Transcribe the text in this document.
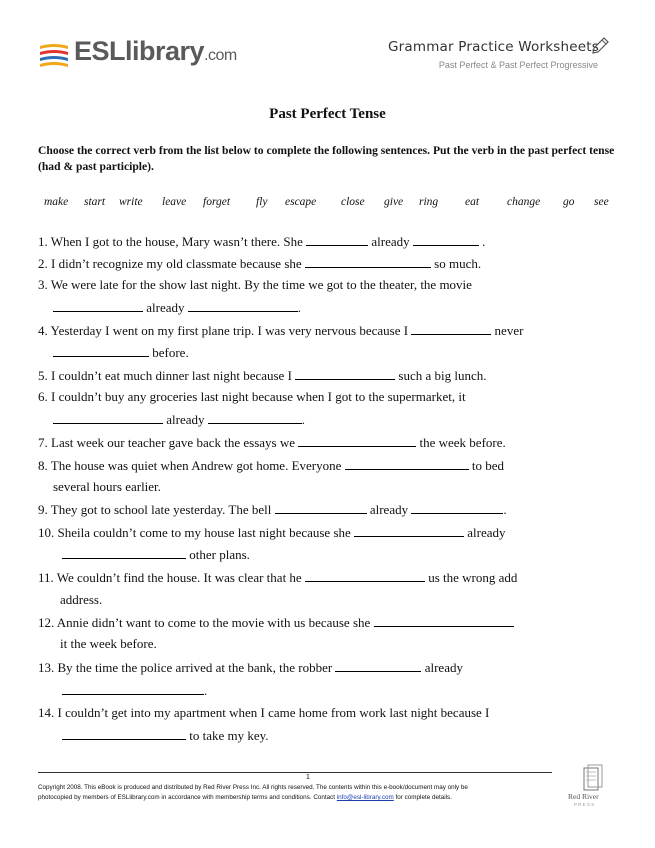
ESLlibrary.com	Grammar Practice Worksheets
Past Perfect & Past Perfect Progressive
Past Perfect Tense
Choose the correct verb from the list below to complete the following sentences. Put the verb in the past perfect tense (had & past participle).
make start write leave forget fly escape close give ring eat change go see
1. When I got to the house, Mary wasn’t there. She	already	.
2. I didn’t recognize my old classmate because she	so much.
3. We were late for the show last night. By the time we got to the theater, the movie
already	.
4. Yesterday I went on my first plane trip. I was very nervous because I	never
before.
5. I couldn’t eat much dinner last night because I	such a big lunch.
6. I couldn’t buy any groceries last night because when I got to the supermarket, it
already	.
7. Last week our teacher gave back the essays we	the week before.
8. The house was quiet when Andrew got home. Everyone	to bed
several hours earlier.
9. They got to school late yesterday. The bell	already	.
10. Sheila couldn’t come to my house last night because she	already
other plans.
11. We couldn’t find the house. It was clear that he	us the wrong add
address.
12. Annie didn’t want to come to the movie with us because she
it the week before.
13. By the time the police arrived at the bank, the robber	already
.
14. I couldn’t get into my apartment when I came home from work last night because I
to take my key.
1
Copyright 2008. This eBook is produced and distributed by Red River Press Inc. All rights reserved. The contents within this e-book/document may only be
photocopied by members of ESLlibrary.com in accordance with membership terms and conditions. Contact info@esl-library.com for complete details.	Red River
P R E S S
